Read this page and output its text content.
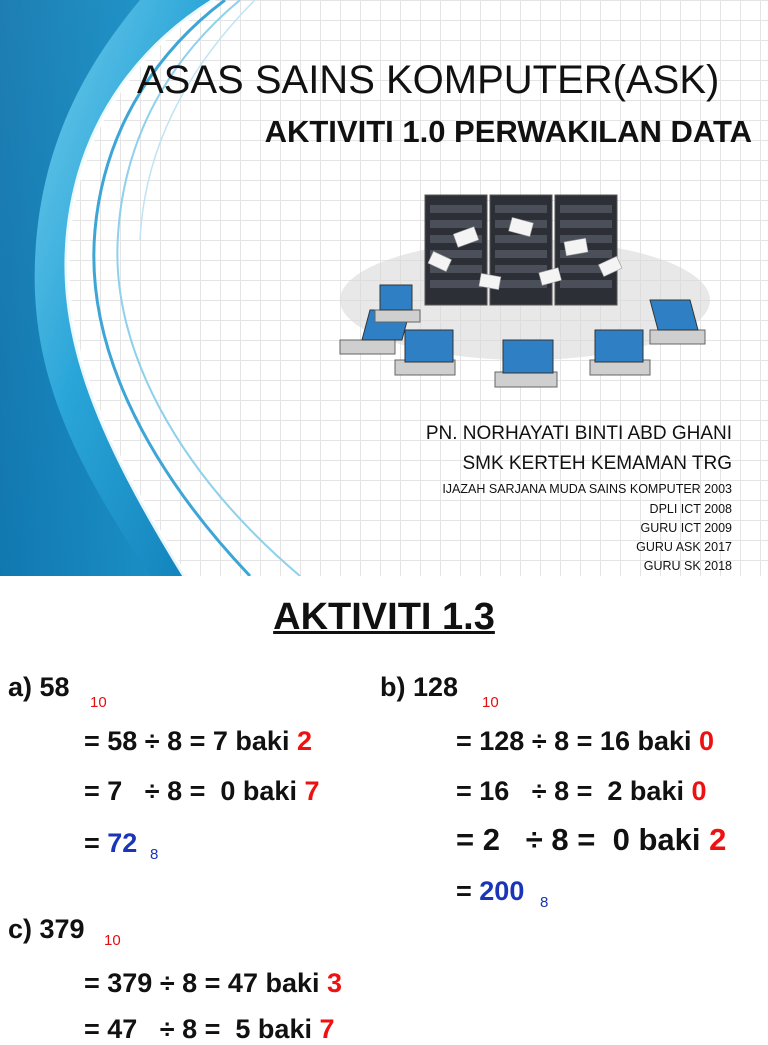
ASAS SAINS KOMPUTER(ASK)
AKTIVITI 1.0 PERWAKILAN DATA
PN. NORHAYATI BINTI ABD GHANI
SMK KERTEH KEMAMAN TRG
IJAZAH SARJANA MUDA SAINS KOMPUTER 2003
DPLI ICT 2008
GURU ICT 2009
GURU ASK 2017
GURU SK 2018
AKTIVITI 1.3
a) 58
10
= 58 ÷ 8 = 7 baki 2
= 7   ÷ 8 =  0 baki 7
= 72 8
b) 128
10
= 128 ÷ 8 = 16 baki 0
= 16   ÷ 8 =  2 baki 0
= 2   ÷ 8 =  0 baki 2
= 200 8
c) 379 10
= 379 ÷ 8 = 47 baki 3
= 47   ÷ 8 =  5 baki 7
